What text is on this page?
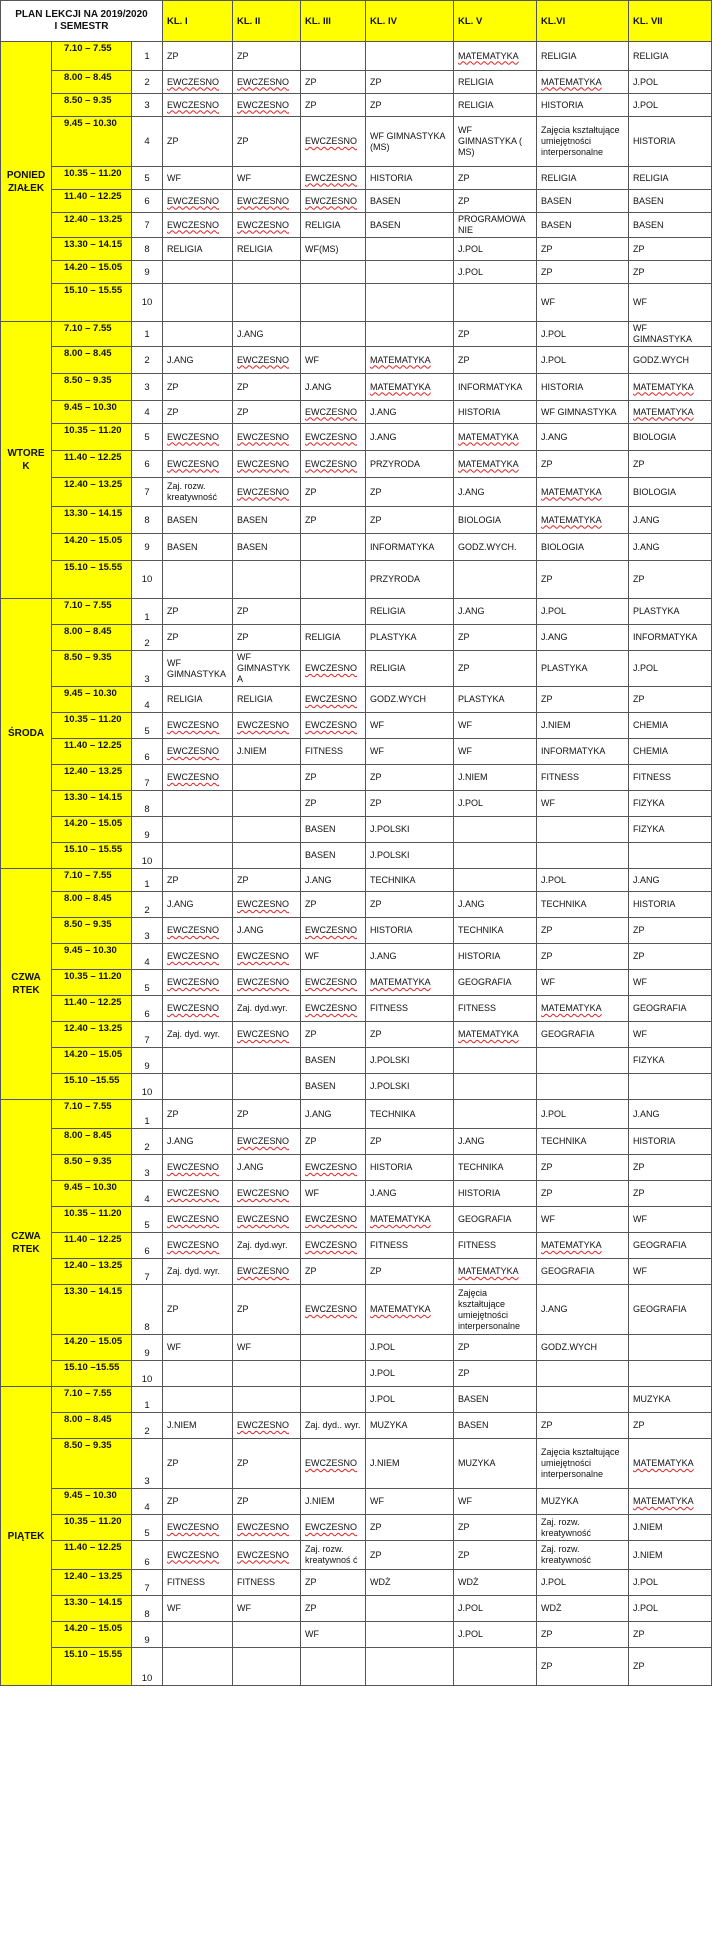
PLAN LEKCJI NA 2019/2020
I SEMESTR			KL. I	KL. II	KL. III	KL. IV	KL. V	KL.VI	KL. VII
PONIED ZIAŁEK	7.10 – 7.55	1	ZP	ZP			MATEMATYKA	RELIGIA	RELIGIA
	8.00 – 8.45	2	EWCZESNO	EWCZESNO	ZP	ZP	RELIGIA	MATEMATYKA	J.POL
	8.50 – 9.35	3	EWCZESNO	EWCZESNO	ZP	ZP	RELIGIA	HISTORIA	J.POL
	9.45 – 10.30	4	ZP	ZP	EWCZESNO	WF GIMNASTYKA (MS)	WF GIMNASTYKA ( MS)	Zajęcia kształtujące umiejętności interpersonalne	HISTORIA
	10.35 – 11.20	5	WF	WF	EWCZESNO	HISTORIA	ZP	RELIGIA	RELIGIA
	11.40 – 12.25	6	EWCZESNO	EWCZESNO	EWCZESNO	BASEN	ZP	BASEN	BASEN
	12.40 – 13.25	7	EWCZESNO	EWCZESNO	RELIGIA	BASEN	PROGRAMOWANIE	BASEN	BASEN
	13.30 – 14.15	8	RELIGIA	RELIGIA	WF(MS)		J.POL	ZP	ZP
	14.20 – 15.05	9					J.POL	ZP	ZP
	15.10 – 15.55	10						WF	WF
WTORE K	7.10 – 7.55	1		J.ANG			ZP	J.POL	WF GIMNASTYKA
	8.00 – 8.45	2	J.ANG	EWCZESNO	WF	MATEMATYKA	ZP	J.POL	GODZ.WYCH
	8.50 – 9.35	3	ZP	ZP	J.ANG	MATEMATYKA	INFORMATYKA	HISTORIA	MATEMATYKA
	9.45 – 10.30	4	ZP	ZP	EWCZESNO	J.ANG	HISTORIA	WF GIMNASTYKA	MATEMATYKA
	10.35 – 11.20	5	EWCZESNO	EWCZESNO	EWCZESNO	J.ANG	MATEMATYKA	J.ANG	BIOLOGIA
	11.40 – 12.25	6	EWCZESNO	EWCZESNO	EWCZESNO	PRZYRODA	MATEMATYKA	ZP	ZP
	12.40 – 13.25	7	Zaj. rozw. kreatywność	EWCZESNO	ZP	ZP	J.ANG	MATEMATYKA	BIOLOGIA
	13.30 – 14.15	8	BASEN	BASEN	ZP	ZP	BIOLOGIA	MATEMATYKA	J.ANG
	14.20 – 15.05	9	BASEN	BASEN		INFORMATYKA	GODZ.WYCH.	BIOLOGIA	J.ANG
	15.10 – 15.55	10				PRZYRODA		ZP	ZP
ŚRODA	7.10 – 7.55	1	ZP	ZP		RELIGIA	J.ANG	J.POL	PLASTYKA
	8.00 – 8.45	2	ZP	ZP	RELIGIA	PLASTYKA	ZP	J.ANG	INFORMATYKA
	8.50 – 9.35	3	WF GIMNASTYKA	WF GIMNASTYK A	EWCZESNO	RELIGIA	ZP	PLASTYKA	J.POL
	9.45 – 10.30	4	RELIGIA	RELIGIA	EWCZESNO	GODZ.WYCH	PLASTYKA	ZP	ZP
	10.35 – 11.20	5	EWCZESNO	EWCZESNO	EWCZESNO	WF	WF	J.NIEM	CHEMIA
	11.40 – 12.25	6	EWCZESNO	J.NIEM	FITNESS	WF	WF	INFORMATYKA	CHEMIA
	12.40 – 13.25	7	EWCZESNO		ZP	ZP	J.NIEM	FITNESS	FITNESS
	13.30 – 14.15	8			ZP	ZP	J.POL	WF	FIZYKA
	14.20 – 15.05	9			BASEN	J.POLSKI			FIZYKA
	15.10 – 15.55	10			BASEN	J.POLSKI			
CZWA RTEK	7.10 – 7.55	1	ZP	ZP	J.ANG	TECHNIKA		J.POL	J.ANG
	8.00 – 8.45	2	J.ANG	EWCZESNO	ZP	ZP	J.ANG	TECHNIKA	HISTORIA
	8.50 – 9.35	3	EWCZESNO	J.ANG	EWCZESNO	HISTORIA	TECHNIKA	ZP	ZP
	9.45 – 10.30	4	EWCZESNO	EWCZESNO	WF	J.ANG	HISTORIA	ZP	ZP
	10.35 – 11.20	5	EWCZESNO	EWCZESNO	EWCZESNO	MATEMATYKA	GEOGRAFIA	WF	WF
	11.40 – 12.25	6	EWCZESNO	Zaj. dyd.wyr.	EWCZESNO	FITNESS	FITNESS	MATEMATYKA	GEOGRAFIA
	12.40 – 13.25	7	Zaj. dyd. wyr.	EWCZESNO	ZP	ZP	MATEMATYKA	GEOGRAFIA	WF
	14.20 – 15.05	9			BASEN	J.POLSKI			FIZYKA
	15.10 –15.55	10			BASEN	J.POLSKI			
CZWA RTEK	7.10 – 7.55	1	ZP	ZP	J.ANG	TECHNIKA		J.POL	J.ANG
	8.00 – 8.45	2	J.ANG	EWCZESNO	ZP	ZP	J.ANG	TECHNIKA	HISTORIA
	8.50 – 9.35	3	EWCZESNO	J.ANG	EWCZESNO	HISTORIA	TECHNIKA	ZP	ZP
	9.45 – 10.30	4	EWCZESNO	EWCZESNO	WF	J.ANG	HISTORIA	ZP	ZP
	10.35 – 11.20	5	EWCZESNO	EWCZESNO	EWCZESNO	MATEMATYKA	GEOGRAFIA	WF	WF
	11.40 – 12.25	6	EWCZESNO	Zaj. dyd.wyr.	EWCZESNO	FITNESS	FITNESS	MATEMATYKA	GEOGRAFIA
	12.40 – 13.25	7	Zaj. dyd. wyr.	EWCZESNO	ZP	ZP	MATEMATYKA	GEOGRAFIA	WF
	13.30 – 14.15	8	ZP	ZP	EWCZESNO	MATEMATYKA	Zajęcia kształtujące umiejętności interpersonalne	J.ANG	GEOGRAFIA
	14.20 – 15.05	9	WF	WF		J.POL	ZP	GODZ.WYCH	
	15.10 –15.55	10				J.POL	ZP		
PIĄTEK	7.10 – 7.55	1				J.POL	BASEN		MUZYKA
	8.00 – 8.45	2	J.NIEM	EWCZESNO	Zaj. dyd.. wyr.	MUZYKA	BASEN	ZP	ZP
	8.50 – 9.35	3	ZP	ZP	EWCZESNO	J.NIEM	MUZYKA	Zajęcia kształtujące umiejętności interpersonalne	MATEMATYKA
	9.45 – 10.30	4	ZP	ZP	J.NIEM	WF	WF	MUZYKA	MATEMATYKA
	10.35 – 11.20	5	EWCZESNO	EWCZESNO	EWCZESNO	ZP	ZP	Zaj. rozw. kreatywność	J.NIEM
	11.40 – 12.25	6	EWCZESNO	EWCZESNO	Zaj. rozw. kreatywnoś ć	ZP	ZP	Zaj. rozw. kreatywność	J.NIEM
	12.40 – 13.25	7	FITNESS	FITNESS	ZP	WDŻ	WDŻ	J.POL	J.POL
	13.30 – 14.15	8	WF	WF	ZP		J.POL	WDŻ	J.POL
	14.20 – 15.05	9			WF		J.POL	ZP	ZP
	15.10 – 15.55	10						ZP	ZP
